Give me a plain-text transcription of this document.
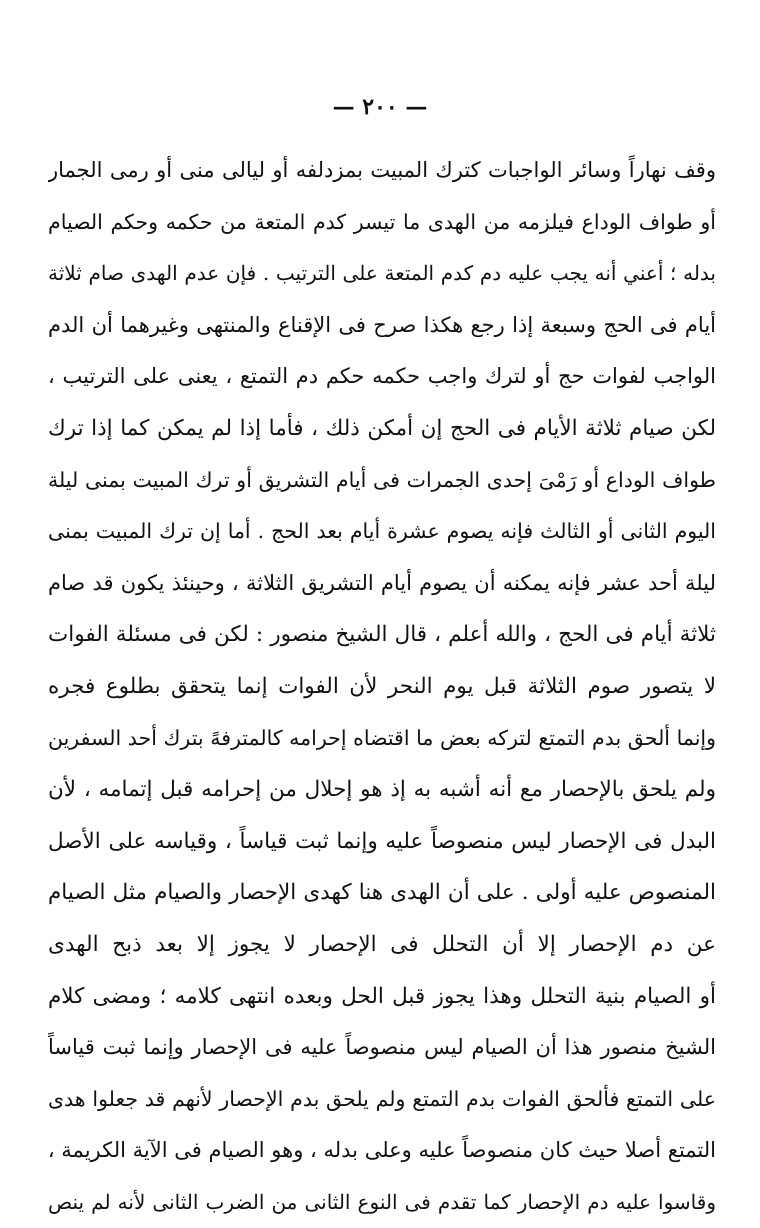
— ٢٠٠ —
وقف نهاراً وسائر الواجبات كترك المبيت بمزدلفه أو ليالى منى أو رمى الجمار
أو طواف الوداع فيلزمه من الهدى ما تيسر كدم المتعة من حكمه وحكم الصيام
بدله ؛ أعني أنه يجب عليه دم كدم المتعة على الترتيب . فإن عدم الهدى صام ثلاثة
أيام فى الحج وسبعة إذا رجع هكذا صرح فى الإقناع والمنتهى وغيرهما أن الدم
الواجب لفوات حج أو لترك واجب حكمه حكم دم التمتع ، يعنى على الترتيب ،
لكن صيام ثلاثة الأيام فى الحج إن أمكن ذلك ، فأما إذا لم يمكن كما إذا ترك
طواف الوداع أو رَمْىَ إحدى الجمرات فى أيام التشريق أو ترك المبيت بمنى ليلة
اليوم الثانى أو الثالث فإنه يصوم عشرة أيام بعد الحج . أما إن ترك المبيت بمنى
ليلة أحد عشر فإنه يمكنه أن يصوم أيام التشريق الثلاثة ، وحينئذ يكون قد صام
ثلاثة أيام فى الحج ، والله أعلم ، قال الشيخ منصور : لكن فى مسئلة الفوات
لا يتصور صوم الثلاثة قبل يوم النحر لأن الفوات إنما يتحقق بطلوع فجره
وإنما ألحق بدم التمتع لتركه بعض ما اقتضاه إحرامه كالمترفهً بترك أحد السفرين
ولم يلحق بالإحصار مع أنه أشبه به إذ هو إحلال من إحرامه قبل إتمامه ، لأن
البدل فى الإحصار ليس منصوصاً عليه وإنما ثبت قياساً ، وقياسه على الأصل
المنصوص عليه أولى . على أن الهدى هنا كهدى الإحصار والصيام مثل الصيام
عن دم الإحصار إلا أن التحلل فى الإحصار لا يجوز إلا بعد ذبح الهدى
أو الصيام بنية التحلل وهذا يجوز قبل الحل وبعده انتهى كلامه ؛ ومضى كلام
الشيخ منصور هذا أن الصيام ليس منصوصاً عليه فى الإحصار وإنما ثبت قياساً
على التمتع فألحق الفوات بدم التمتع ولم يلحق بدم الإحصار لأنهم قد جعلوا هدى
التمتع أصلا حيث كان منصوصاً عليه وعلى بدله ، وهو الصيام فى الآية الكريمة ،
وقاسوا عليه دم الإحصار كما تقدم فى النوع الثانى من الضرب الثانى لأنه لم ينص
